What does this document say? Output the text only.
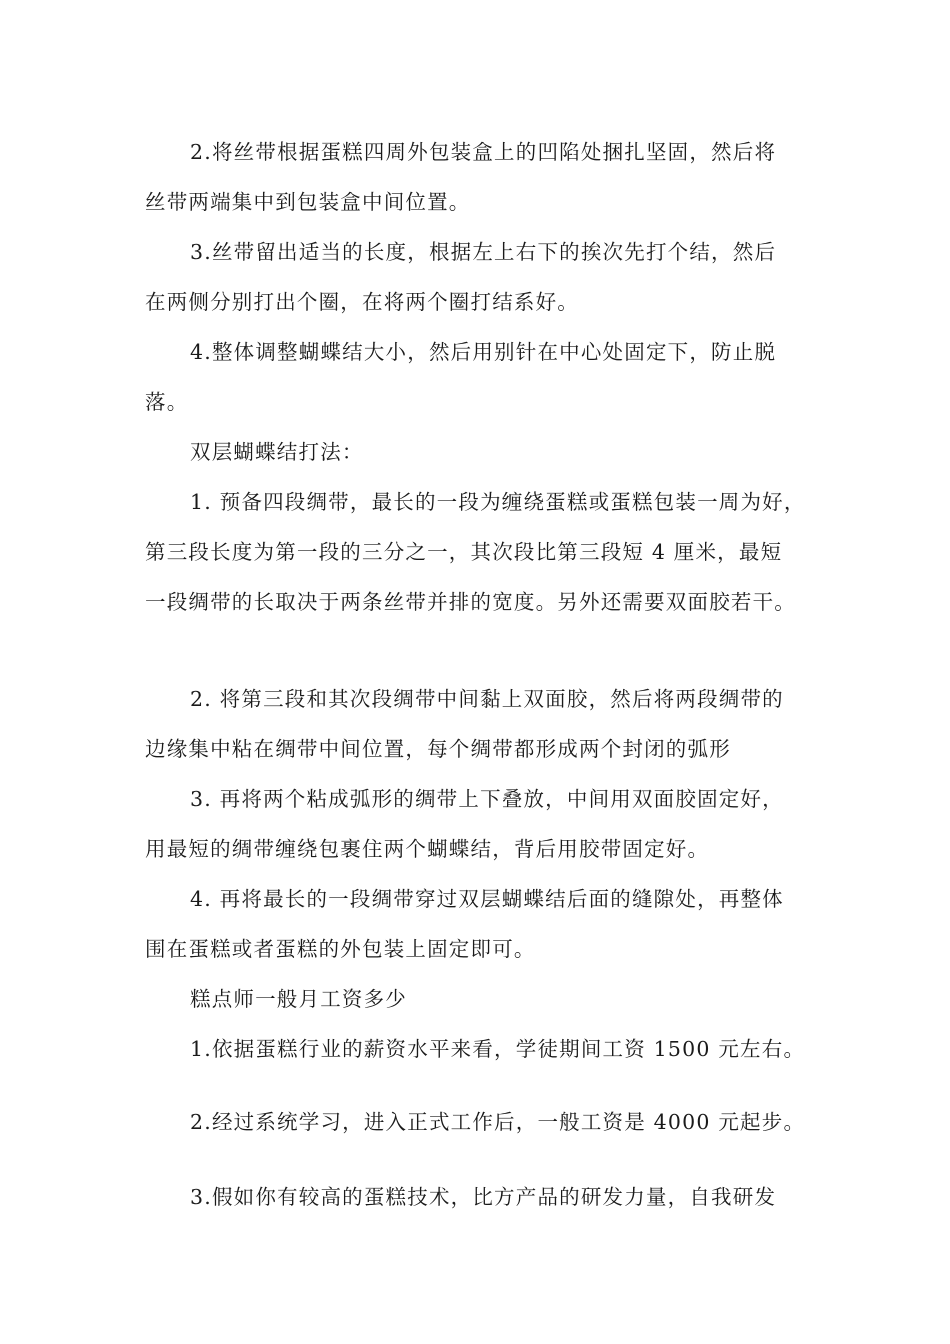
2.将丝带根据蛋糕四周外包装盒上的凹陷处捆扎坚固，然后将
丝带两端集中到包装盒中间位置。
3.丝带留出适当的长度，根据左上右下的挨次先打个结，然后
在两侧分别打出个圈，在将两个圈打结系好。
4.整体调整蝴蝶结大小，然后用别针在中心处固定下，防止脱
落。
双层蝴蝶结打法：
1. 预备四段绸带，最长的一段为缠绕蛋糕或蛋糕包装一周为好，
第三段长度为第一段的三分之一，其次段比第三段短 4 厘米，最短
一段绸带的长取决于两条丝带并排的宽度。另外还需要双面胶若干。
2. 将第三段和其次段绸带中间黏上双面胶，然后将两段绸带的
边缘集中粘在绸带中间位置，每个绸带都形成两个封闭的弧形
3. 再将两个粘成弧形的绸带上下叠放，中间用双面胶固定好，
用最短的绸带缠绕包裹住两个蝴蝶结，背后用胶带固定好。
4. 再将最长的一段绸带穿过双层蝴蝶结后面的缝隙处，再整体
围在蛋糕或者蛋糕的外包装上固定即可。
糕点师一般月工资多少
1.依据蛋糕行业的薪资水平来看，学徒期间工资 1500 元左右。
2.经过系统学习，进入正式工作后，一般工资是 4000 元起步。
3.假如你有较高的蛋糕技术，比方产品的研发力量，自我研发
